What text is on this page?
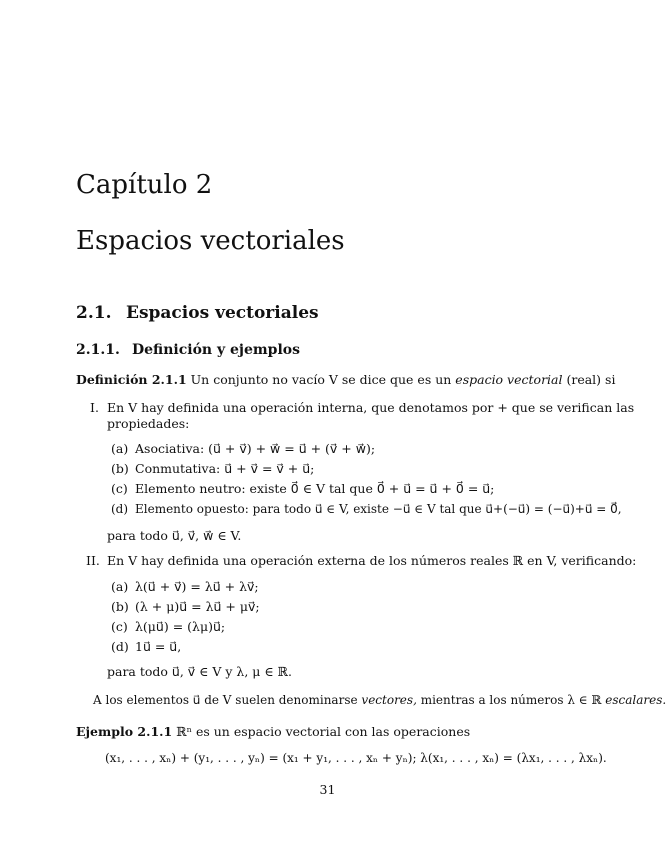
Capítulo 2
Espacios vectoriales
2.1. Espacios vectoriales
2.1.1. Definición y ejemplos
Definición 2.1.1 Un conjunto no vacío V se dice que es un espacio vectorial (real) si
I. En V hay definida una operación interna, que denotamos por + que se verifican las
propiedades:
(a) Asociativa: (u⃗ + v⃗) + w⃗ = u⃗ + (v⃗ + w⃗);
(b) Conmutativa: u⃗ + v⃗ = v⃗ + u⃗;
(c) Elemento neutro: existe 0⃗ ∈ V tal que 0⃗ + u⃗ = u⃗ + 0⃗ = u⃗;
(d) Elemento opuesto: para todo u⃗ ∈ V, existe −u⃗ ∈ V tal que u⃗+(−u⃗) = (−u⃗)+u⃗ = 0⃗,
para todo u⃗, v⃗, w⃗ ∈ V.
II. En V hay definida una operación externa de los números reales ℝ en V, verificando:
(a) λ(u⃗ + v⃗) = λu⃗ + λv⃗;
(b) (λ + μ)u⃗ = λu⃗ + μv⃗;
(c) λ(μu⃗) = (λμ)u⃗;
(d) 1u⃗ = u⃗,
para todo u⃗, v⃗ ∈ V y λ, μ ∈ ℝ.
A los elementos u⃗ de V suelen denominarse vectores, mientras a los números λ ∈ ℝ escalares.
Ejemplo 2.1.1 ℝⁿ es un espacio vectorial con las operaciones
(x₁, . . . , xₙ) + (y₁, . . . , yₙ) = (x₁ + y₁, . . . , xₙ + yₙ); λ(x₁, . . . , xₙ) = (λx₁, . . . , λxₙ).
31
